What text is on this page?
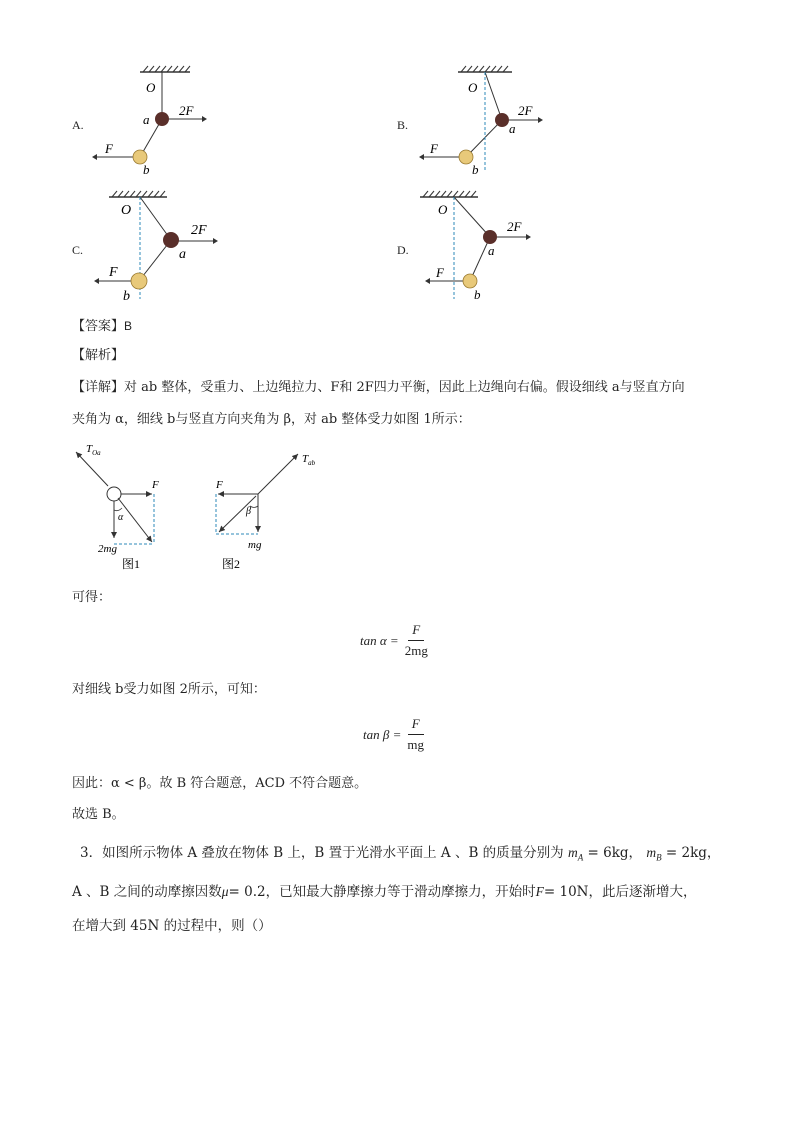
A.
O
a
2F
F
b
B.
O
a
2F
F
b
C.
O
a
2F
F
b
D.
O
a
2F
F
b
【答案】B
【解析】
【详解】对 ab 整体，受重力、上边绳拉力、F和 2F四力平衡，因此上边绳向右偏。假设细线 a与竖直方向
夹角为 α，细线 b与竖直方向夹角为 β，对 ab 整体受力如图 1所示：
$T_{Oa}$
F
α
2mg
图1
$T_{ab}$
F
β
mg
图2
可得：
$\tan \alpha = \frac{F}{2mg}$
对细线 b受力如图 2所示，可知：
$\tan \beta = \frac{F}{mg}$
因此：α < β。故 B 符合题意，ACD 不符合题意。
故选 B。
3．如图所示物体 A 叠放在物体 B 上，B 置于光滑水平面上 A 、B 的质量分别为 $m_A = 6kg$， $m_B = 2kg$，
A 、B 之间的动摩擦因数μ= 0.2，已知最大静摩擦力等于滑动摩擦力，开始时F= 10N，此后逐渐增大，
在增大到 45N 的过程中，则（）
